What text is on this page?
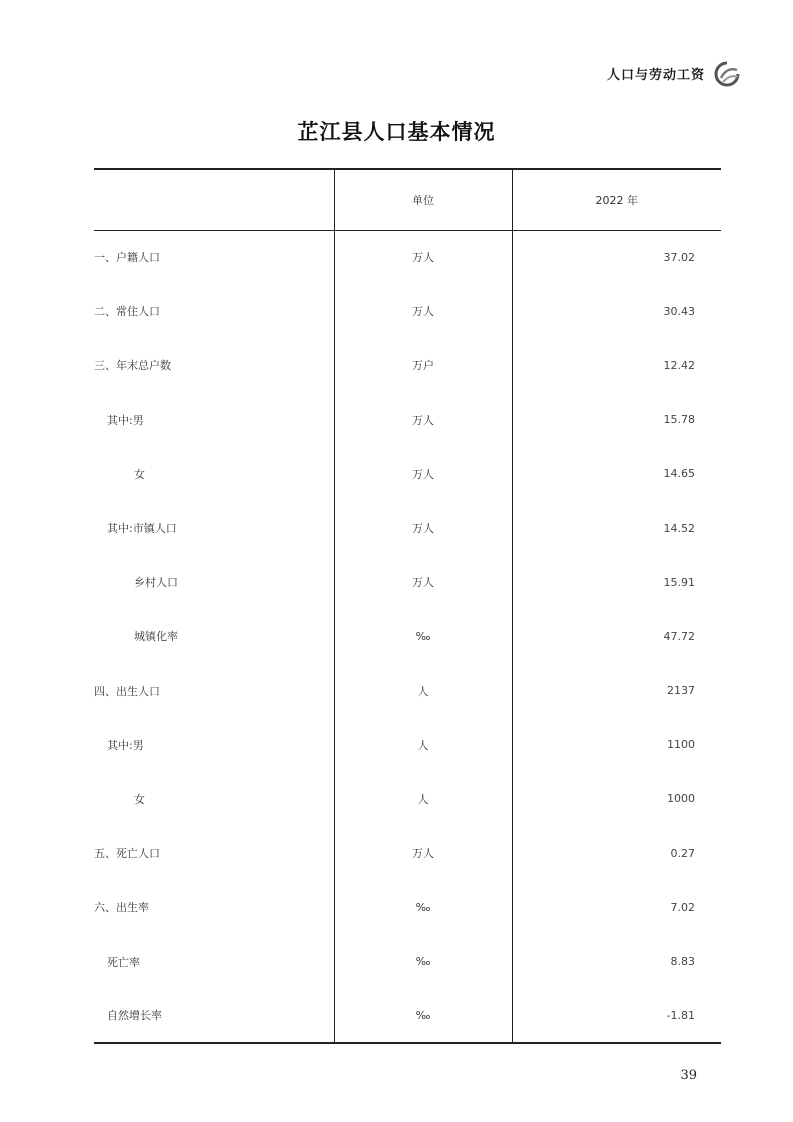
人口与劳动工资
芷江县人口基本情况
	单位	2022 年
一、户籍人口	万人	37.02
二、常住人口	万人	30.43
三、年末总户数	万户	12.42
其中:男	万人	15.78
女	万人	14.65
其中:市镇人口	万人	14.52
乡村人口	万人	15.91
城镇化率	‰	47.72
四、出生人口	人	2137
其中:男	人	1100
女	人	1000
五、死亡人口	万人	0.27
六、出生率	‰	7.02
死亡率	‰	8.83
自然增长率	‰	-1.81
39
